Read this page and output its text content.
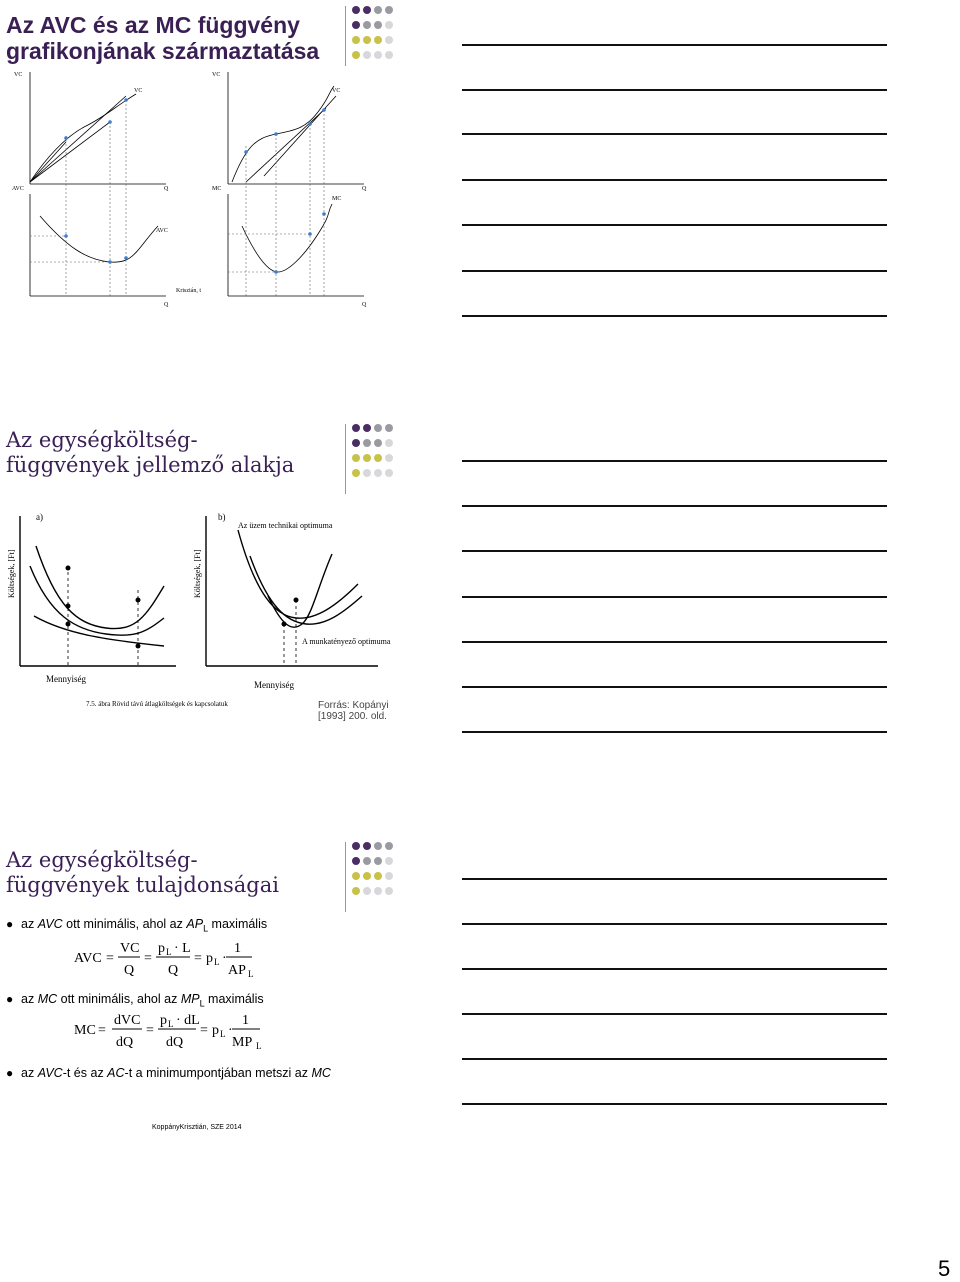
Az AVC és az MC függvény
grafikonjának származtatása
VC	VC
VC	VC
AVC	MC
AVC
MC
Q	Q
Q	Q
Kriszián, t
Az egységköltség-
függvények jellemző alakja
a)	b)
Mennyiség
Mennyiség
7.5. ábra Rövid távú átlagköltségek és kapcsolatuk
Az üzem technikai optimuma
A munkatényező optimuma
Költségek, [Ft]	Költségek, [Ft]
Forrás: Kopányi
[1993] 200. old.
Az egységköltség-
függvények tulajdonságai
● az AVC ott minimális, ahol az $AP_L$ maximális
AVC =
VC
Q
=
p L · L
Q
= p L ·
1
AP L
● az MC ott minimális, ahol az $MP_L$ maximális
MC =
dVC
dQ
=
p L · dL
dQ
= p L ·
1
MP L
● az AVC-t és az AC-t a minimumpontjában metszi az MC
KoppányKrisztián, SZE 2014
5
